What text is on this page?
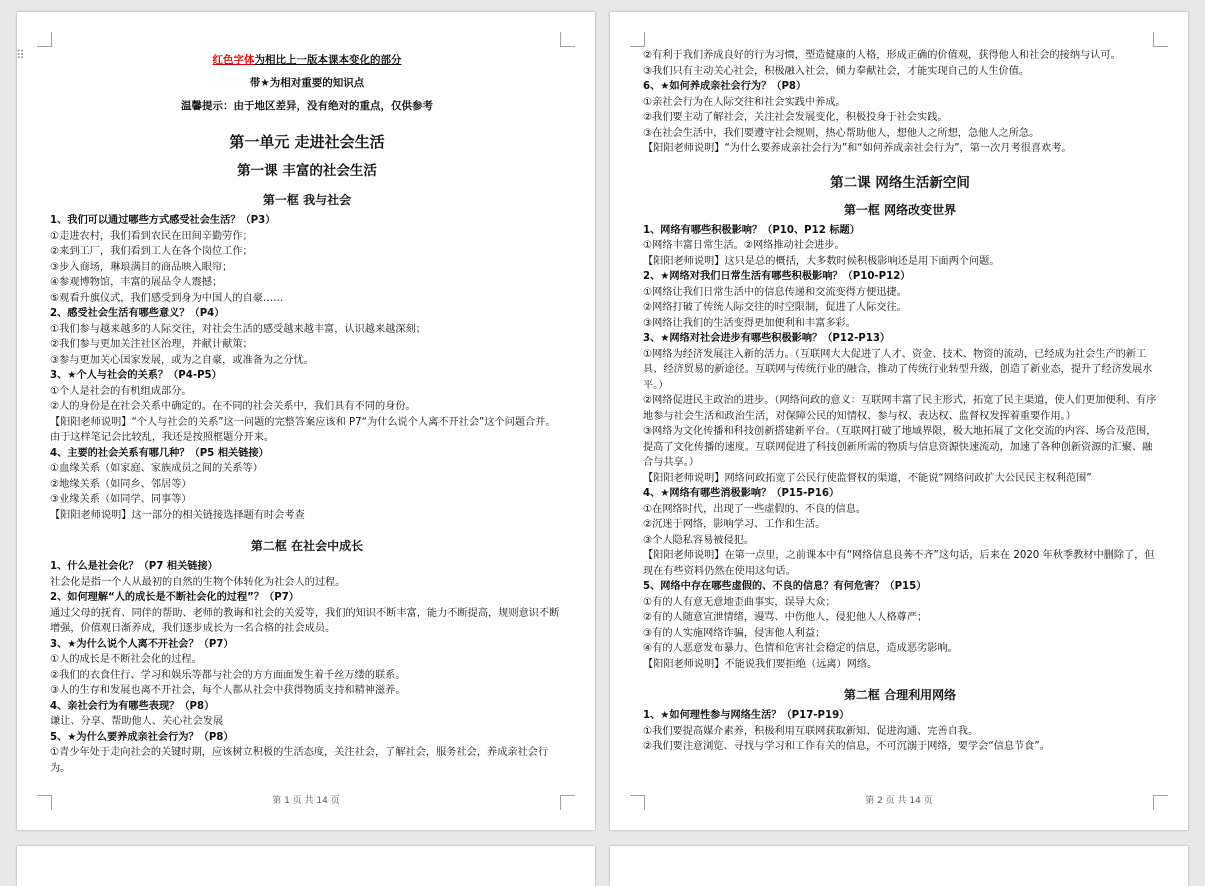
红色字体为相比上一版本课本变化的部分
带★为相对重要的知识点
温馨提示：由于地区差异，没有绝对的重点，仅供参考
第一单元 走进社会生活
第一课 丰富的社会生活
第一框 我与社会
1、我们可以通过哪些方式感受社会生活？（P3）
①走进农村，我们看到农民在田间辛勤劳作；
②来到工厂，我们看到工人在各个岗位工作；
③步入商场，琳琅满目的商品映入眼帘；
④参观博物馆，丰富的展品令人震撼；
⑤观看升旗仪式，我们感受到身为中国人的自豪……
2、感受社会生活有哪些意义？（P4）
①我们参与越来越多的人际交往，对社会生活的感受越来越丰富，认识越来越深刻；
②我们参与更加关注社区治理，并献计献策；
③参与更加关心国家发展，或为之自豪，或准备为之分忧。
3、★个人与社会的关系？（P4-P5）
①个人是社会的有机组成部分。
②人的身份是在社会关系中确定的。在不同的社会关系中，我们具有不同的身份。
【阳阳老师说明】“个人与社会的关系”这一问题的完整答案应该和 P7“为什么说个人离不开社会”这个问题合并。由于这样笔记会比较乱，我还是按照框题分开来。
4、主要的社会关系有哪几种？（P5 相关链接）
①血缘关系（如家庭、家族成员之间的关系等）
②地缘关系（如同乡、邻居等）
③业缘关系（如同学、同事等）
【阳阳老师说明】这一部分的相关链接选择题有时会考查
第二框 在社会中成长
1、什么是社会化？（P7 相关链接）
社会化是指一个人从最初的自然的生物个体转化为社会人的过程。
2、如何理解“人的成长是不断社会化的过程”？（P7）
通过父母的抚育、同伴的帮助、老师的教诲和社会的关爱等，我们的知识不断丰富，能力不断提高，规则意识不断增强，价值观日渐养成，我们逐步成长为一名合格的社会成员。
3、★为什么说个人离不开社会？（P7）
①人的成长是不断社会化的过程。
②我们的衣食住行、学习和娱乐等都与社会的方方面面发生着千丝万缕的联系。
③人的生存和发展也离不开社会，每个人都从社会中获得物质支持和精神滋养。
4、亲社会行为有哪些表现？（P8）
谦让、分享、帮助他人、关心社会发展
5、★为什么要养成亲社会行为？（P8）
①青少年处于走向社会的关键时期，应该树立积极的生活态度，关注社会，了解社会，服务社会，养成亲社会行为。
第 1 页 共 14 页
⠿	②有利于我们养成良好的行为习惯，塑造健康的人格，形成正确的价值观，获得他人和社会的接纳与认可。
③我们只有主动关心社会，积极融入社会，倾力奉献社会，才能实现自己的人生价值。
6、★如何养成亲社会行为？（P8）
①亲社会行为在人际交往和社会实践中养成。
②我们要主动了解社会，关注社会发展变化，积极投身于社会实践。
③在社会生活中，我们要遵守社会规则，热心帮助他人，想他人之所想，急他人之所急。
【阳阳老师说明】“为什么要养成亲社会行为”和“如何养成亲社会行为”，第一次月考很喜欢考。
第二课 网络生活新空间
第一框 网络改变世界
1、网络有哪些积极影响？（P10、P12 标题）
①网络丰富日常生活。②网络推动社会进步。
【阳阳老师说明】这只是总的概括，大多数时候积极影响还是用下面两个问题。
2、★网络对我们日常生活有哪些积极影响？（P10-P12）
①网络让我们日常生活中的信息传递和交流变得方便迅捷。
②网络打破了传统人际交往的时空限制，促进了人际交往。
③网络让我们的生活变得更加便利和丰富多彩。
3、★网络对社会进步有哪些积极影响？（P12-P13）
①网络为经济发展注入新的活力。（互联网大大促进了人才、资金、技术、物资的流动，已经成为社会生产的新工具、经济贸易的新途径。互联网与传统行业的融合，推动了传统行业转型升级，创造了新业态，提升了经济发展水平。）
②网络促进民主政治的进步。（网络问政的意义：互联网丰富了民主形式，拓宽了民主渠道，使人们更加便利、有序地参与社会生活和政治生活，对保障公民的知情权、参与权、表达权、监督权发挥着重要作用。）
③网络为文化传播和科技创新搭建新平台。（互联网打破了地域界限，极大地拓展了文化交流的内容、场合及范围，提高了文化传播的速度。互联网促进了科技创新所需的物质与信息资源快速流动，加速了各种创新资源的汇聚、融合与共享。）
【阳阳老师说明】网络问政拓宽了公民行使监督权的渠道，不能说“网络问政扩大公民民主权利范围”
4、★网络有哪些消极影响？（P15-P16）
①在网络时代，出现了一些虚假的、不良的信息。
②沉迷于网络，影响学习、工作和生活。
③个人隐私容易被侵犯。
【阳阳老师说明】在第一点里，之前课本中有“网络信息良莠不齐”这句话，后来在 2020 年秋季教材中删除了，但现在有些资料仍然在使用这句话。
5、网络中存在哪些虚假的、不良的信息？有何危害？（P15）
①有的人有意无意地歪曲事实，误导大众；
②有的人随意宣泄情绪，谩骂、中伤他人，侵犯他人人格尊严；
③有的人实施网络诈骗，侵害他人利益；
④有的人恶意发布暴力、色情和危害社会稳定的信息，造成恶劣影响。
【阳阳老师说明】不能说我们要拒绝（远离）网络。
第二框 合理利用网络
1、★如何理性参与网络生活？（P17-P19）
①我们要提高媒介素养，积极利用互联网获取新知、促进沟通、完善自我。
②我们要注意浏览、寻找与学习和工作有关的信息，不可沉溺于网络，要学会“信息节食”。
第 2 页 共 14 页
